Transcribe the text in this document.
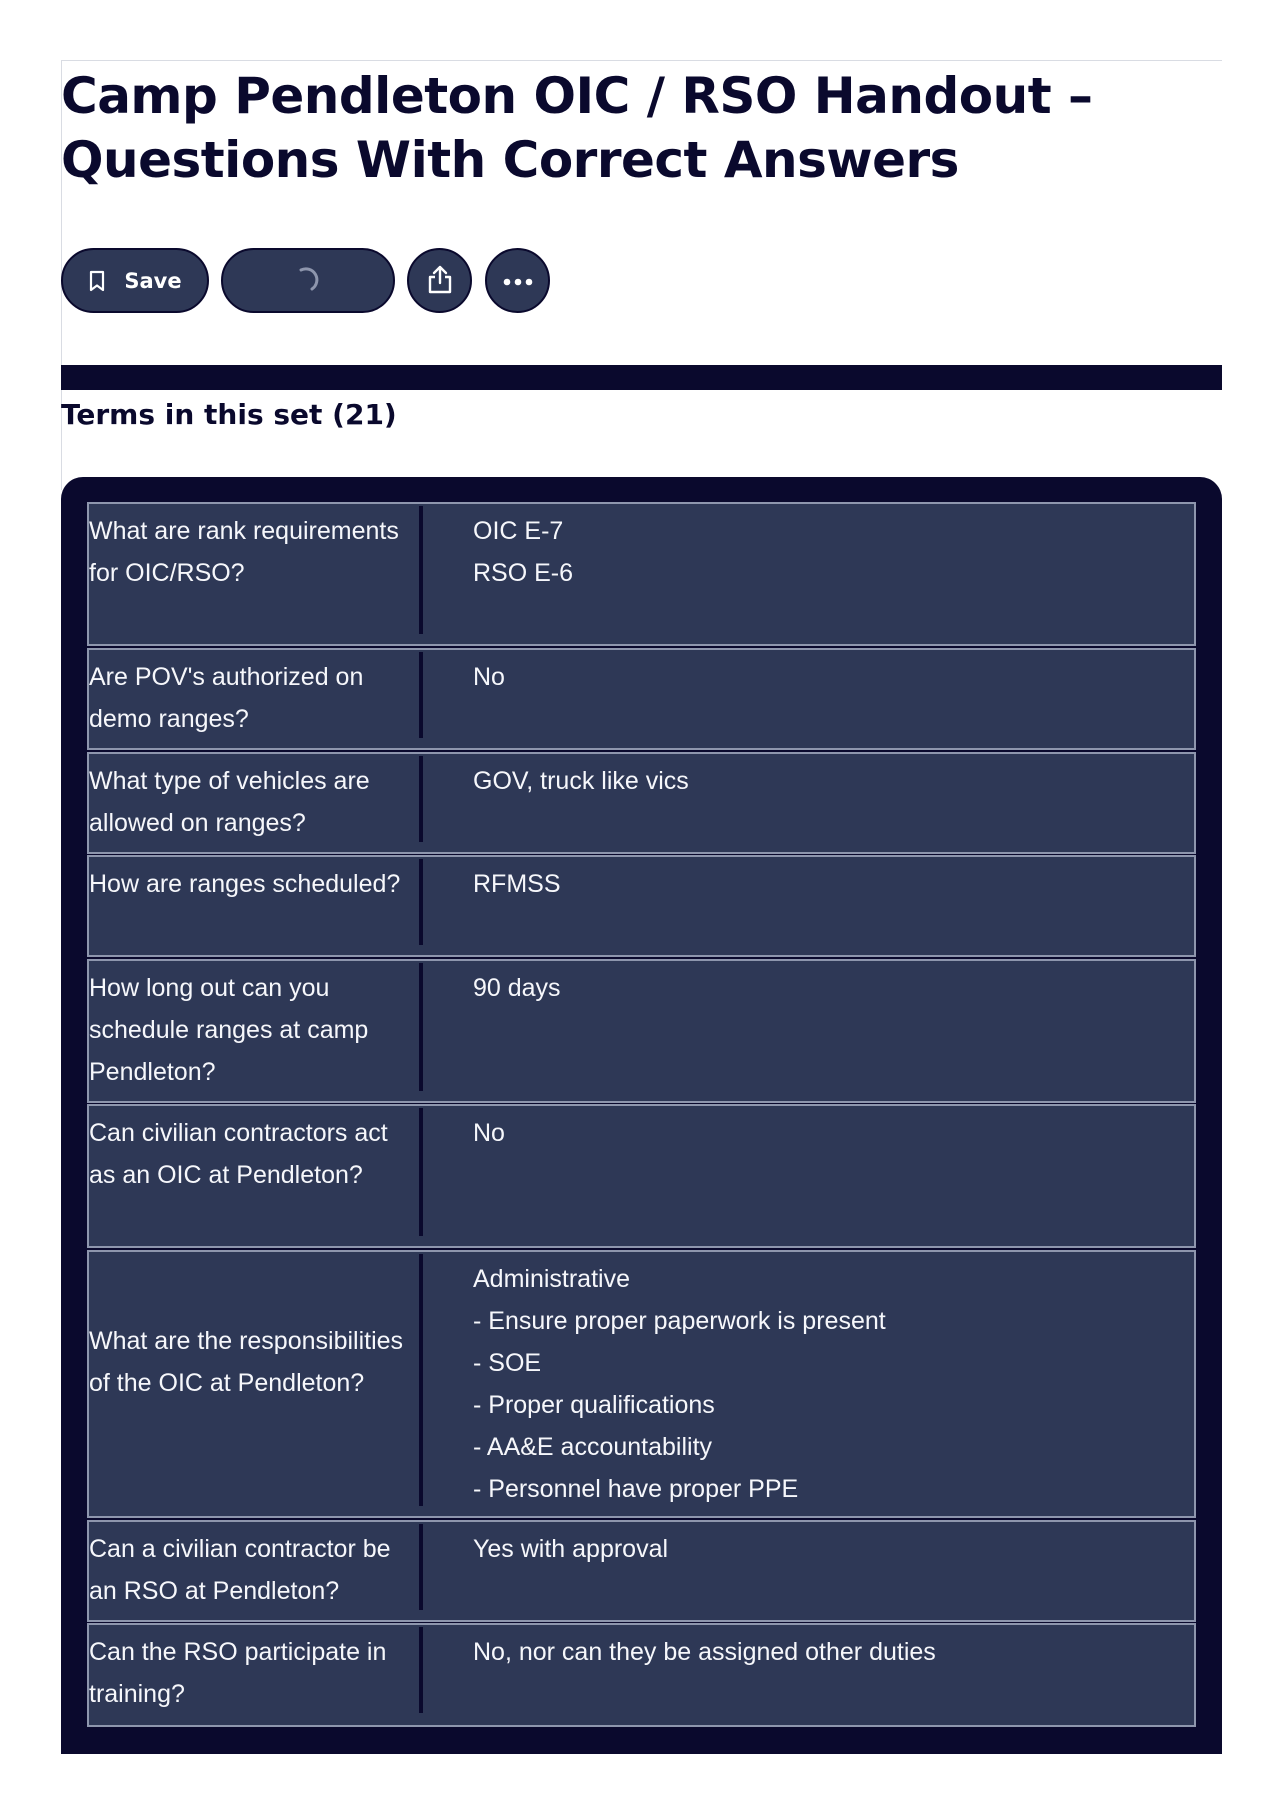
Camp Pendleton OIC / RSO Handout – Questions With Correct Answers
Save
Terms in this set (21)
What are rank requirements for OIC/RSO?
OIC E-7
RSO E-6
Are POV's authorized on demo ranges?
No
What type of vehicles are allowed on ranges?
GOV, truck like vics
How are ranges scheduled?	RFMSS
How long out can you schedule ranges at camp Pendleton?
90 days
Can civilian contractors act as an OIC at Pendleton?
No
What are the responsibilities of the OIC at Pendleton?
Administrative
- Ensure proper paperwork is present
- SOE
- Proper qualifications
- AA&E accountability
- Personnel have proper PPE
Can a civilian contractor be an RSO at Pendleton?
Yes with approval
Can the RSO participate in training?
No, nor can they be assigned other duties
